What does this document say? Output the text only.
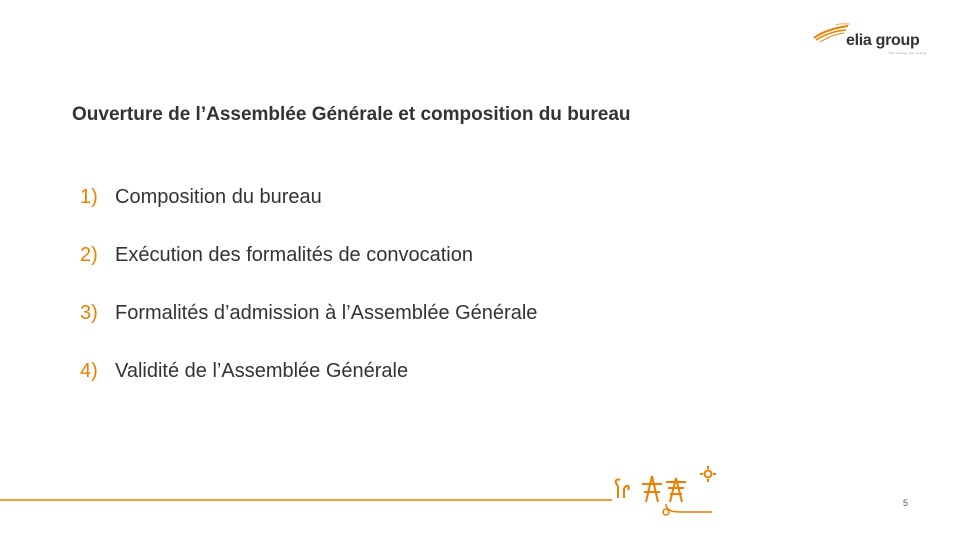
elia group
Your energy, our energy
Ouverture de l’Assemblée Générale et composition du bureau
1) Composition du bureau
2) Exécution des formalités de convocation
3) Formalités d’admission à l’Assemblée Générale
4) Validité de l’Assemblée Générale
5
